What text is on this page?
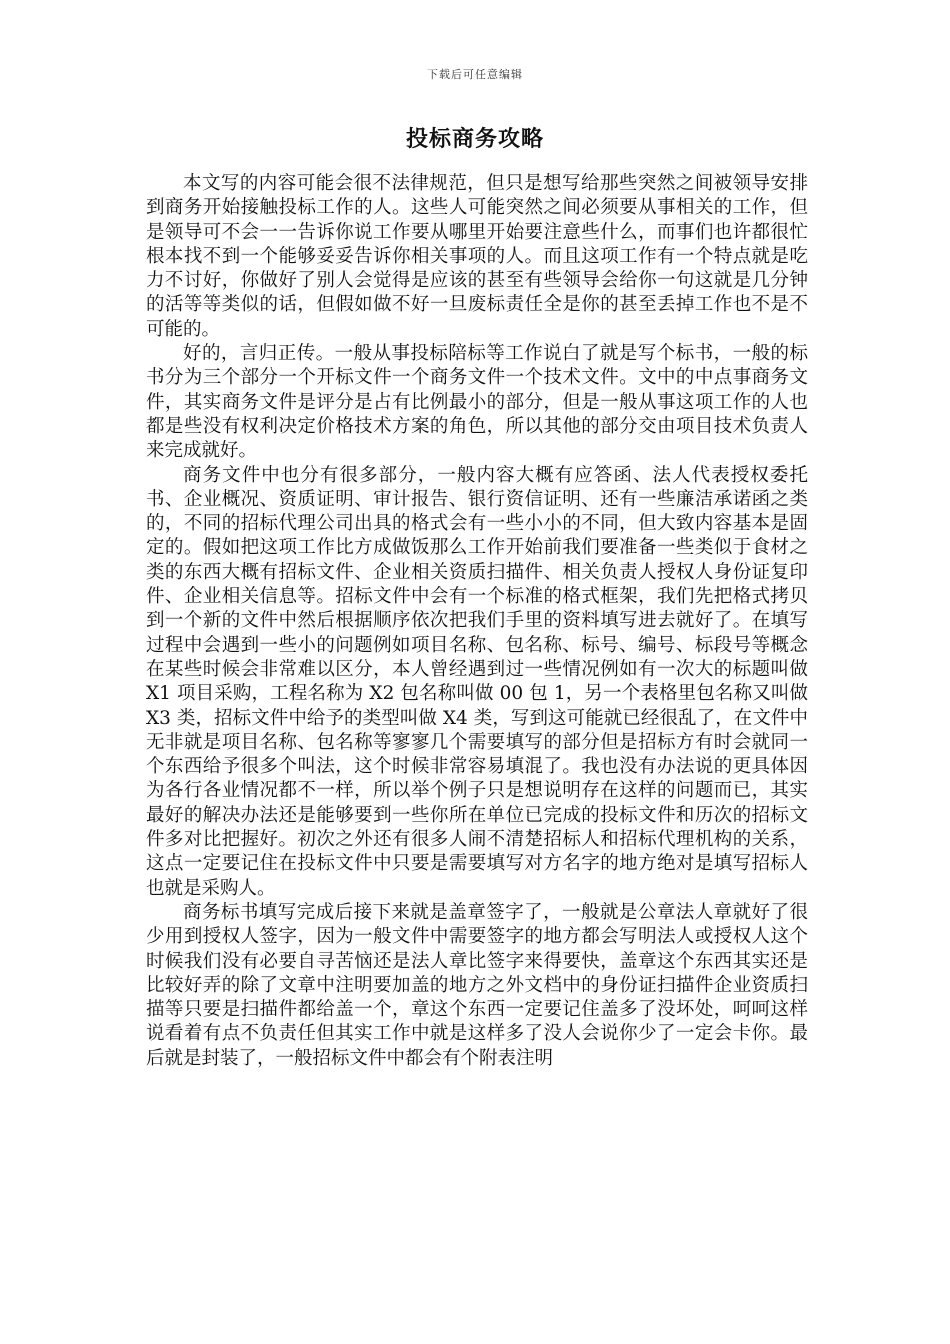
下载后可任意编辑
投标商务攻略

本文写的内容可能会很不法律规范，但只是想写给那些突然之间被领导安排到商务开始接触投标工作的人。这些人可能突然之间必须要从事相关的工作，但是领导可不会一一告诉你说工作要从哪里开始要注意些什么，而事们也许都很忙根本找不到一个能够妥妥告诉你相关事项的人。而且这项工作有一个特点就是吃力不讨好，你做好了别人会觉得是应该的甚至有些领导会给你一句这就是几分钟的活等等类似的话，但假如做不好一旦废标责任全是你的甚至丢掉工作也不是不可能的。

好的，言归正传。一般从事投标陪标等工作说白了就是写个标书，一般的标书分为三个部分一个开标文件一个商务文件一个技术文件。文中的中点事商务文件，其实商务文件是评分是占有比例最小的部分，但是一般从事这项工作的人也都是些没有权利决定价格技术方案的角色，所以其他的部分交由项目技术负责人来完成就好。

商务文件中也分有很多部分，一般内容大概有应答函、法人代表授权委托书、企业概况、资质证明、审计报告、银行资信证明、还有一些廉洁承诺函之类的，不同的招标代理公司出具的格式会有一些小小的不同，但大致内容基本是固定的。假如把这项工作比方成做饭那么工作开始前我们要准备一些类似于食材之类的东西大概有招标文件、企业相关资质扫描件、相关负责人授权人身份证复印件、企业相关信息等。招标文件中会有一个标准的格式框架，我们先把格式拷贝到一个新的文件中然后根据顺序依次把我们手里的资料填写进去就好了。在填写过程中会遇到一些小的问题例如项目名称、包名称、标号、编号、标段号等概念在某些时候会非常难以区分，本人曾经遇到过一些情况例如有一次大的标题叫做 X1 项目采购，工程名称为 X2 包名称叫做 00 包 1，另一个表格里包名称又叫做 X3 类，招标文件中给予的类型叫做 X4 类，写到这可能就已经很乱了，在文件中无非就是项目名称、包名称等寥寥几个需要填写的部分但是招标方有时会就同一个东西给予很多个叫法，这个时候非常容易填混了。我也没有办法说的更具体因为各行各业情况都不一样，所以举个例子只是想说明存在这样的问题而已，其实最好的解决办法还是能够要到一些你所在单位已完成的投标文件和历次的招标文件多对比把握好。初次之外还有很多人闹不清楚招标人和招标代理机构的关系，这点一定要记住在投标文件中只要是需要填写对方名字的地方绝对是填写招标人也就是采购人。

商务标书填写完成后接下来就是盖章签字了，一般就是公章法人章就好了很少用到授权人签字，因为一般文件中需要签字的地方都会写明法人或授权人这个时候我们没有必要自寻苦恼还是法人章比签字来得要快，盖章这个东西其实还是比较好弄的除了文章中注明要加盖的地方之外文档中的身份证扫描件企业资质扫描等只要是扫描件都给盖一个，章这个东西一定要记住盖多了没坏处，呵呵这样说看着有点不负责任但其实工作中就是这样多了没人会说你少了一定会卡你。最后就是封装了，一般招标文件中都会有个附表注明
